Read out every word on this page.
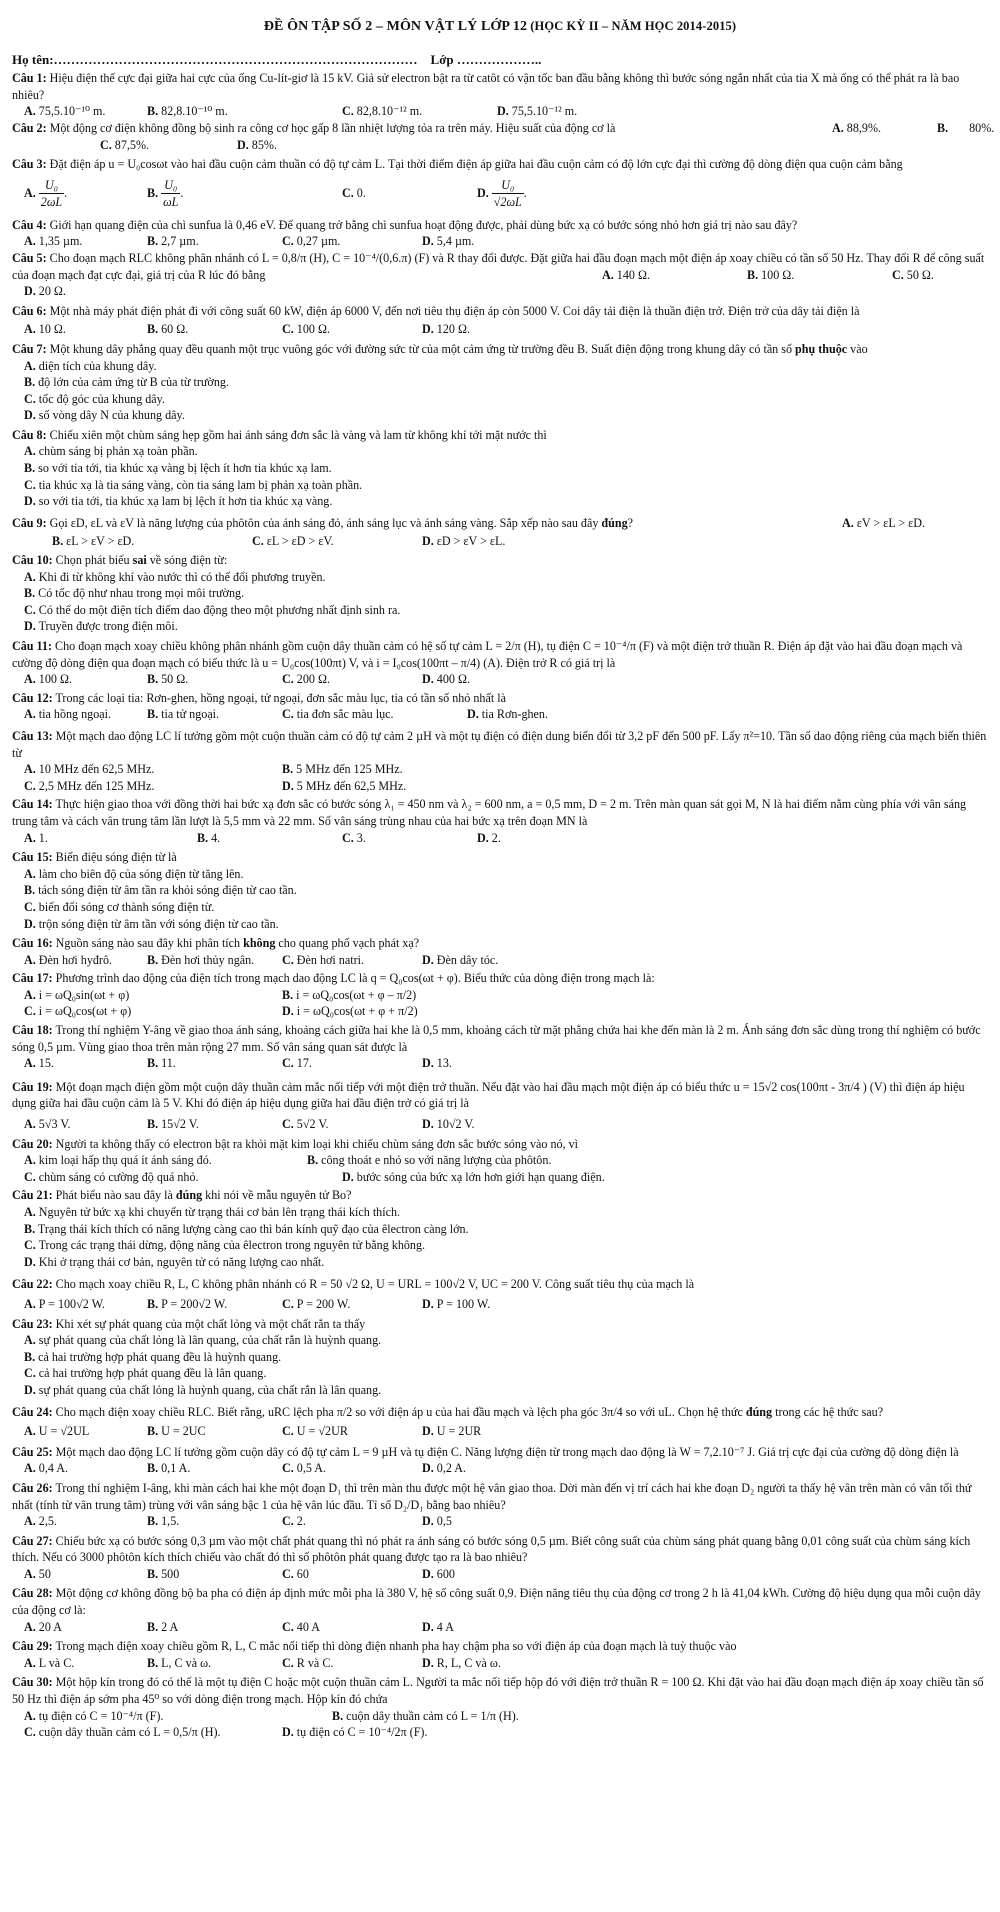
ĐỀ ÔN TẬP SỐ 2 – MÔN VẬT LÝ LỚP 12 (HỌC KỲ II – NĂM HỌC 2014-2015)
Họ tên:…………………………………………………………………………    Lớp ………………..
Câu 1: Hiệu điện thế cực đại giữa hai cực của ống Cu-lít-giơ là 15 kV. Giả sử electron bật ra từ catôt có vận tốc ban đầu bằng không thì bước sóng ngắn nhất của tia X mà ống có thể phát ra là bao nhiêu?
A. 75,5.10⁻¹⁰ m.	B. 82,8.10⁻¹⁰ m.	C. 82,8.10⁻¹² m.	D. 75,5.10⁻¹² m.
Câu 2: Một động cơ điện không đồng bộ sinh ra công cơ học gấp 8 lần nhiệt lượng tỏa ra trên máy. Hiệu suất của động cơ là	A. 88,9%.	B. 80%.
C. 87,5%.	D. 85%.
Câu 3: Đặt điện áp u = U₀cosωt vào hai đầu cuộn cảm thuần có độ tự cảm L. Tại thời điểm điện áp giữa hai đầu cuộn cảm có độ lớn cực đại thì cường độ dòng điện qua cuộn cảm bằng
A. $\frac{\text{U₀}}{2\omega L}$ .	B. $\frac{\text{U₀}}{\omega L}$ .	C. 0.	D. $\frac{\text{U₀}}{√2\omega L}$ .
Câu 4: Giới hạn quang điện của chì sunfua là 0,46 eV. Để quang trở bằng chì sunfua hoạt động được, phải dùng bức xạ có bước sóng nhỏ hơn giá trị nào sau đây?
A. 1,35 µm.	B. 2,7 µm.	C. 0,27 µm.	D. 5,4 µm.
Câu 5: Cho đoạn mạch RLC không phân nhánh có L = 0,8/π (H), C = 10⁻⁴/(0,6.π) (F) và R thay đổi được. Đặt giữa hai đầu đoạn mạch một điện áp xoay chiều có tần số 50 Hz. Thay đổi R để công suất của đoạn mạch đạt cực đại, giá trị của R lúc đó bằng	A. 140 Ω.	B. 100 Ω.	C. 50 Ω.
D. 20 Ω.
Câu 6: Một nhà máy phát điện phát đi với công suất 60 kW, điện áp 6000 V, đến nơi tiêu thụ điện áp còn 5000 V. Coi dây tải điện là thuần điện trở. Điện trở của dây tải điện là
A. 10 Ω.	B. 60 Ω.	C. 100 Ω.	D. 120 Ω.
Câu 7: Một khung dây phẳng quay đều quanh một trục vuông góc với đường sức từ của một cảm ứng từ trường đều B. Suất điện động trong khung dây có tần số phụ thuộc vào
A. diện tích của khung dây.
B. độ lớn của cảm ứng từ B của từ trường.
C. tốc độ góc của khung dây.
D. số vòng dây N của khung dây.
Câu 8: Chiếu xiên một chùm sáng hẹp gồm hai ánh sáng đơn sắc là vàng và lam từ không khí tới mặt nước thì
A. chùm sáng bị phản xạ toàn phần.
B. so với tia tới, tia khúc xạ vàng bị lệch ít hơn tia khúc xạ lam.
C. tia khúc xạ là tia sáng vàng, còn tia sáng lam bị phản xạ toàn phần.
D. so với tia tới, tia khúc xạ lam bị lệch ít hơn tia khúc xạ vàng.
Câu 9: Gọi εD, εL và εV là năng lượng của phôtôn của ánh sáng đỏ, ánh sáng lục và ánh sáng vàng. Sắp xếp nào sau đây đúng?	A. εV > εL > εD.
B. εL > εV > εD.	C. εL > εD > εV.	D. εD > εV > εL.
Câu 10: Chọn phát biểu sai về sóng điện từ:
A. Khi đi từ không khí vào nước thì có thể đổi phương truyền.
B. Có tốc độ như nhau trong mọi môi trường.
C. Có thể do một điện tích điểm dao động theo một phương nhất định sinh ra.
D. Truyền được trong điện môi.
Câu 11: Cho đoạn mạch xoay chiều không phân nhánh gồm cuộn dây thuần cảm có hệ số tự cảm L = 2/π (H), tụ điện C = 10⁻⁴/π (F) và một điện trở thuần R. Điện áp đặt vào hai đầu đoạn mạch và cường độ dòng điện qua đoạn mạch có biểu thức là u = U₀cos(100πt) V, và i = I₀cos(100πt – π/4) (A). Điện trở R có giá trị là
A. 100 Ω.	B. 50 Ω.	C. 200 Ω.	D. 400 Ω.
Câu 12: Trong các loại tia: Rơn-ghen, hồng ngoại, tử ngoại, đơn sắc màu lục, tia có tần số nhỏ nhất là
A. tia hồng ngoại.	B. tia tử ngoại.	C. tia đơn sắc màu lục.	D. tia Rơn-ghen.
Câu 13: Một mạch dao động LC lí tưởng gồm một cuộn thuần cảm có độ tự cảm 2 µH và một tụ điện có điện dung biến đổi từ 3,2 pF đến 500 pF. Lấy π²=10. Tần số dao động riêng của mạch biến thiên từ
A. 10 MHz đến 62,5 MHz.	B. 5 MHz đến 125 MHz.
C. 2,5 MHz đến 125 MHz.	D. 5 MHz đến 62,5 MHz.
Câu 14: Thực hiện giao thoa với đồng thời hai bức xạ đơn sắc có bước sóng λ₁ = 450 nm và λ₂ = 600 nm, a = 0,5 mm, D = 2 m. Trên màn quan sát gọi M, N là hai điểm nằm cùng phía với vân sáng trung tâm và cách vân trung tâm lần lượt là 5,5 mm và 22 mm. Số vân sáng trùng nhau của hai bức xạ trên đoạn MN là
A. 1.	B. 4.	C. 3.	D. 2.
Câu 15: Biến điệu sóng điện từ là
A. làm cho biên độ của sóng điện từ tăng lên.
B. tách sóng điện từ âm tần ra khỏi sóng điện từ cao tần.
C. biến đổi sóng cơ thành sóng điện từ.
D. trộn sóng điện từ âm tần với sóng điện từ cao tần.
Câu 16: Nguồn sáng nào sau đây khi phân tích không cho quang phổ vạch phát xạ?
A. Đèn hơi hyđrô.	B. Đèn hơi thủy ngân. C. Đèn hơi natri.	D. Đèn dây tóc.
Câu 17: Phương trình dao động của điện tích trong mạch dao động LC là q = Q₀cos(ωt + φ). Biểu thức của dòng điện trong mạch là:
A. i = ωQ₀sin(ωt + φ)	B. i = ωQ₀cos(ωt + φ – π/2)
C. i = ωQ₀cos(ωt + φ)	D. i = ωQ₀cos(ωt + φ + π/2)
Câu 18: Trong thí nghiệm Y-âng về giao thoa ánh sáng, khoảng cách giữa hai khe là 0,5 mm, khoảng cách từ mặt phẳng chứa hai khe đến màn là 2 m. Ánh sáng đơn sắc dùng trong thí nghiệm có bước sóng 0,5 µm. Vùng giao thoa trên màn rộng 27 mm. Số vân sáng quan sát được là
A. 15.	B. 11.	C. 17.	D. 13.
Câu 19: Một đoạn mạch điện gồm một cuộn dây thuần cảm mắc nối tiếp với một điện trở thuần. Nếu đặt vào hai đầu mạch một điện áp có biểu thức u = 15√2 cos(100πt - 3π/4 ) (V) thì điện áp hiệu dụng giữa hai đầu cuộn cảm là 5 V. Khi đó điện áp hiệu dụng giữa hai đầu điện trở có giá trị là
A. 5√3 V.	B. 15√2 V.	C. 5√2 V.	D. 10√2 V.
Câu 20: Người ta không thấy có electron bật ra khỏi mặt kim loại khi chiếu chùm sáng đơn sắc bước sóng vào nó, vì
A. kim loại hấp thụ quá ít ánh sáng đó.	B. công thoát e nhỏ so với năng lượng của phôtôn.
C. chùm sáng có cường độ quá nhỏ.	D. bước sóng của bức xạ lớn hơn giới hạn quang điện.
Câu 21: Phát biểu nào sau đây là đúng khi nói về mẫu nguyên tử Bo?
A. Nguyên tử bức xạ khi chuyển từ trạng thái cơ bản lên trạng thái kích thích.
B. Trạng thái kích thích có năng lượng càng cao thì bán kính quỹ đạo của êlectron càng lớn.
C. Trong các trạng thái dừng, động năng của êlectron trong nguyên tử bằng không.
D. Khi ở trạng thái cơ bản, nguyên tử có năng lượng cao nhất.
Câu 22: Cho mạch xoay chiều R, L, C không phân nhánh có R = 50 √2 Ω, U = URL = 100√2 V, UC = 200 V. Công suất tiêu thụ của mạch là
A. P = 100√2 W.	B. P = 200√2 W.	C. P = 200 W.	D. P = 100 W.
Câu 23: Khi xét sự phát quang của một chất lỏng và một chất rắn ta thấy
A. sự phát quang của chất lỏng là lân quang, của chất rắn là huỳnh quang.
B. cả hai trường hợp phát quang đều là huỳnh quang.
C. cả hai trường hợp phát quang đều là lân quang.
D. sự phát quang của chất lỏng là huỳnh quang, của chất rắn là lân quang.
Câu 24: Cho mạch điện xoay chiều RLC. Biết rằng, uRC lệch pha π/2 so với điện áp u của hai đầu mạch và lệch pha góc 3π/4 so với uL. Chọn hệ thức đúng trong các hệ thức sau?
A. U = √2UL	B. U = 2UC	C. U = √2UR	D. U = 2UR
Câu 25: Một mạch dao động LC lí tưởng gồm cuộn dây có độ tự cảm L = 9 µH và tụ điện C. Năng lượng điện từ trong mạch dao động là W = 7,2.10⁻⁷ J. Giá trị cực đại của cường độ dòng điện là
A. 0,4 A.	B. 0,1 A.	C. 0,5 A.	D. 0,2 A.
Câu 26: Trong thí nghiệm I-âng, khi màn cách hai khe một đoạn D₁ thì trên màn thu được một hệ vân giao thoa. Dời màn đến vị trí cách hai khe đoạn D₂ người ta thấy hệ vân trên màn có vân tối thứ nhất (tính từ vân trung tâm) trùng với vân sáng bậc 1 của hệ vân lúc đầu. Tỉ số D₂/D₁ bằng bao nhiêu?
A. 2,5.	B. 1,5.	C. 2.	D. 0,5
Câu 27: Chiếu bức xạ có bước sóng 0,3 µm vào một chất phát quang thì nó phát ra ánh sáng có bước sóng 0,5 µm. Biết công suất của chùm sáng phát quang bằng 0,01 công suất của chùm sáng kích thích. Nếu có 3000 phôtôn kích thích chiếu vào chất đó thì số phôtôn phát quang được tạo ra là bao nhiêu?
A. 50	B. 500	C. 60	D. 600
Câu 28: Một động cơ không đồng bộ ba pha có điện áp định mức mỗi pha là 380 V, hệ số công suất 0,9. Điện năng tiêu thụ của động cơ trong 2 h là 41,04 kWh. Cường độ hiệu dụng qua mỗi cuộn dây của động cơ là:
A. 20 A	B. 2 A	C. 40 A	D. 4 A
Câu 29: Trong mạch điện xoay chiều gồm R, L, C mắc nối tiếp thì dòng điện nhanh pha hay chậm pha so với điện áp của đoạn mạch là tuỳ thuộc vào
A. L và C.	B. L, C và ω.	C. R và C.	D. R, L, C và ω.
Câu 30: Một hộp kín trong đó có thể là một tụ điện C hoặc một cuộn thuần cảm L. Người ta mắc nối tiếp hộp đó với điện trở thuần R = 100 Ω. Khi đặt vào hai đầu đoạn mạch điện áp xoay chiều tần số 50 Hz thì điện áp sớm pha 45⁰ so với dòng điện trong mạch. Hộp kín đó chứa
A. tụ điện có C = 10⁻⁴/π (F).	B. cuộn dây thuần cảm có L = 1/π (H).
C. cuộn dây thuần cảm có L = 0,5/π (H).	D. tụ điện có C = 10⁻⁴/2π (F).
